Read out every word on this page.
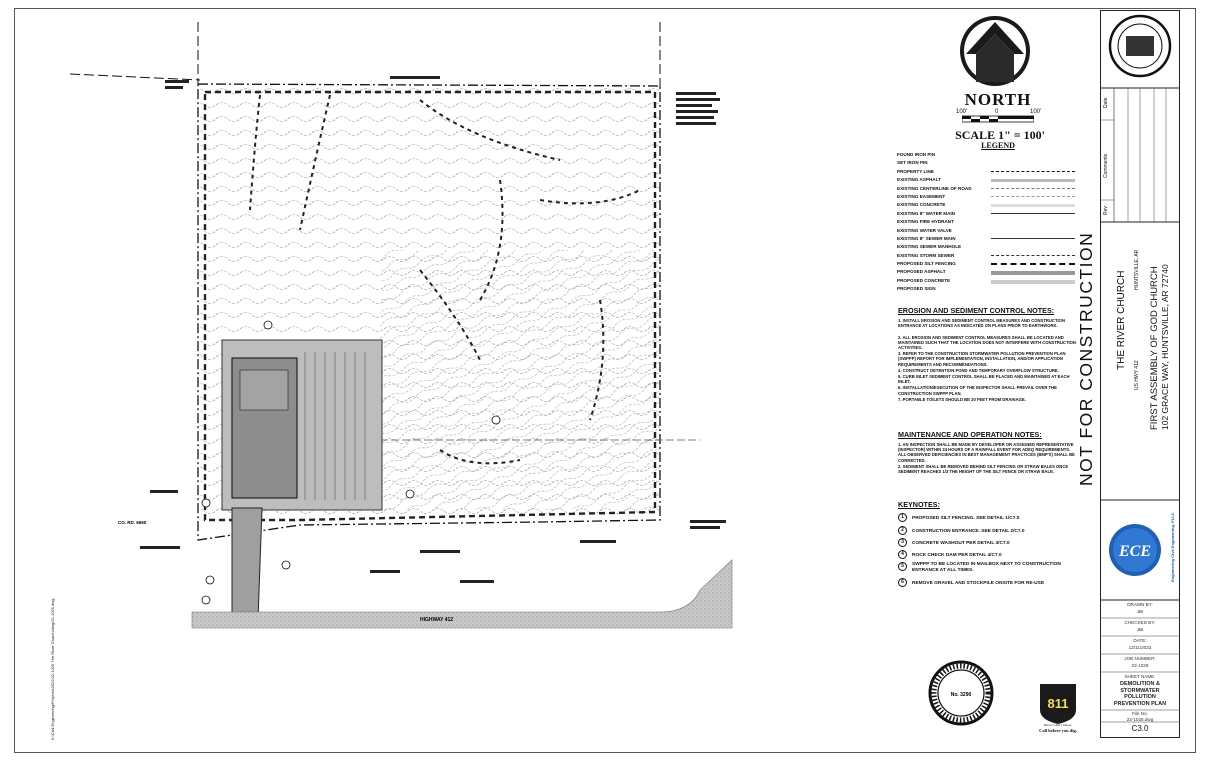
HIGHWAY 412
CO. RD. 6650
No. 3290
811
Know what's below.
Call before you dig.
NORTH
100'	0	100'
SCALE 1" = 100'
LEGEND
FOUND IRON PIN
SET IRON PIN
PROPERTY LINE
EXISTING ASPHALT
EXISTING CENTERLINE OF ROAD
EXISTING EASEMENT
EXISTING CONCRETE
EXISTING 8" WATER MAIN
EXISTING FIRE HYDRANT
EXISTING WATER VALVE
EXISTING 8" SEWER MAIN
EXISTING SEWER MANHOLE
EXISTING STORM SEWER
PROPOSED SILT FENCING
PROPOSED ASPHALT
PROPOSED CONCRETE
PROPOSED SIGN	NOT FOR CONSTRUCTION
EROSION AND SEDIMENT CONTROL NOTES:
1. INSTALL EROSION AND SEDIMENT CONTROL MEASURES AND CONSTRUCTION ENTRANCE AT LOCATIONS AS INDICATED ON PLANS PRIOR TO EARTHWORK.
2. ALL EROSION AND SEDIMENT CONTROL MEASURES SHALL BE LOCATED AND MAINTAINED SUCH THAT THE LOCATION DOES NOT INTERFERE WITH CONSTRUCTION ACTIVITIES.
3. REFER TO THE CONSTRUCTION STORMWATER POLLUTION PREVENTION PLAN (SWPPP) REPORT FOR IMPLEMENTATION, INSTALLATION, AND/OR APPLICATION REQUIREMENTS AND RECOMMENDATIONS.
4. CONSTRUCT DETENTION POND AND TEMPORARY OVERFLOW STRUCTURE.
5. CURB INLET SEDIMENT CONTROL SHALL BE PLACED AND MAINTAINED AT EACH INLET.
6. INSTALLATION/EXECUTION OF THE INSPECTOR SHALL PREVAIL OVER THE CONSTRUCTION SWPPP PLAN.
7. PORTABLE TOILETS SHOULD BE 20 FEET FROM DRAINAGE.
MAINTENANCE AND OPERATION NOTES:
1. AN INSPECTION SHALL BE MADE BY DEVELOPER OR ASSIGNED REPRESENTATIVE (INSPECTOR) WITHIN 24 HOURS OF A RAINFALL EVENT FOR ADEQ REQUIREMENTS. ALL OBSERVED DEFICIENCIES IN BEST MANAGEMENT PRACTICES (BMP'S) SHALL BE CORRECTED.
2. SEDIMENT SHALL BE REMOVED BEHIND SILT FENCING OR STRAW BALES ONCE SEDIMENT REACHES 1/3 THE HEIGHT OF THE SILT FENCE OR STRAW BALE.
KEYNOTES:
1 PROPOSED SILT FENCING. SEE DETAIL 1/C7.0
2 CONSTRUCTION ENTRANCE. SEE DETAIL 2/C7.0
3 CONCRETE WASHOUT PER DETAIL 3/C7.0
4 ROCK CHECK DAM PER DETAIL 4/C7.0
5 SWPPP TO BE LOCATED IN MAILBOX NEXT TO CONSTRUCTION ENTRANCE AT ALL TIMES.
6 REMOVE GRAVEL AND STOCKPILE ONSITE FOR RE-USE
ECE
Date
Comments
Rev
THE RIVER CHURCH
HUNTSVILLE, AR
US HWY 412 FIRST ASSEMBLY OF GOD CHURCH 102 GRACE WAY, HUNTSVILLE, AR 72740
Engineering Civil Engineering, PLLC
DRAWN BY:
JBI
CHECKED BY:
JBI
DATE:
12/11/2023
JOB NUMBER:
22-1025
SHEET NAME:
DEMOLITION & STORMWATER POLLUTION PREVENTION PLAN
File No.
22-1025.dwg
C3.0
K:\Civil Engineering\Projects\2022\22-1025 The River Church\dwg\22-1025.dwg
